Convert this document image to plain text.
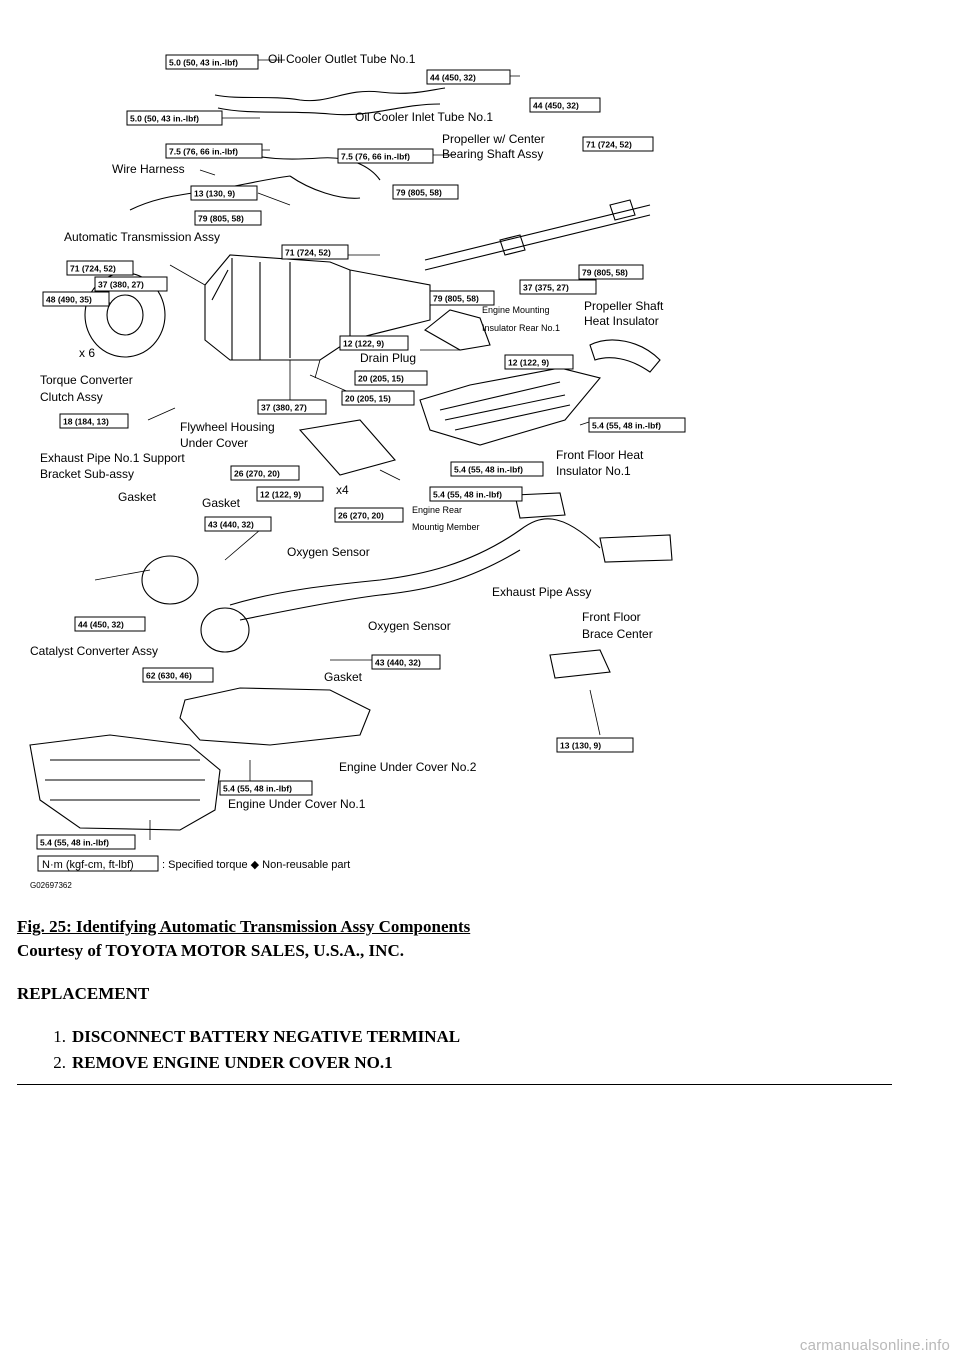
5.0 (50, 43 in.-lbf)
44 (450, 32)
5.0 (50, 43 in.-lbf)
44 (450, 32)
7.5 (76, 66 in.-lbf)	7.5 (76, 66 in.-lbf)
79 (805, 58)
13 (130, 9)
71 (724, 52)
79 (805, 58)
71 (724, 52)
71 (724, 52)
37 (380, 27)
79 (805, 58)
37 (375, 27)
48 (490, 35)	79 (805, 58)
12 (122, 9)
12 (122, 9)
20 (205, 15)
20 (205, 15)
18 (184, 13)
37 (380, 27)
5.4 (55, 48 in.-lbf)
26 (270, 20)	5.4 (55, 48 in.-lbf)
12 (122, 9)	5.4 (55, 48 in.-lbf)
26 (270, 20)
43 (440, 32)
44 (450, 32)
43 (440, 32)
62 (630, 46)
13 (130, 9)
5.4 (55, 48 in.-lbf)
5.4 (55, 48 in.-lbf)
Oil Cooler Outlet Tube No.1
Oil Cooler Inlet Tube No.1
Propeller w/ Center
Bearing Shaft Assy
Wire Harness
Automatic Transmission Assy
Engine Mounting
Insulator Rear No.1
Propeller Shaft
Heat Insulator
x 6
Torque Converter
Clutch Assy
Drain Plug
Flywheel Housing
Under Cover
Exhaust Pipe No.1 Support
Bracket Sub-assy
Front Floor Heat
Insulator No.1
Gasket	Gasket
x4
Engine Rear
Mountig Member
Oxygen Sensor
Exhaust Pipe Assy
Front Floor
Brace Center
Oxygen Sensor
Catalyst Converter Assy
Gasket
Engine Under Cover No.2
Engine Under Cover No.1
N·m (kgf-cm, ft-lbf)	: Specified torque ◆ Non-reusable part
G02697362

Fig. 25: Identifying Automatic Transmission Assy Components

Courtesy of TOYOTA MOTOR SALES, U.S.A., INC.

REPLACEMENT

1. DISCONNECT BATTERY NEGATIVE TERMINAL
2. REMOVE ENGINE UNDER COVER NO.1
carmanualsonline.info
